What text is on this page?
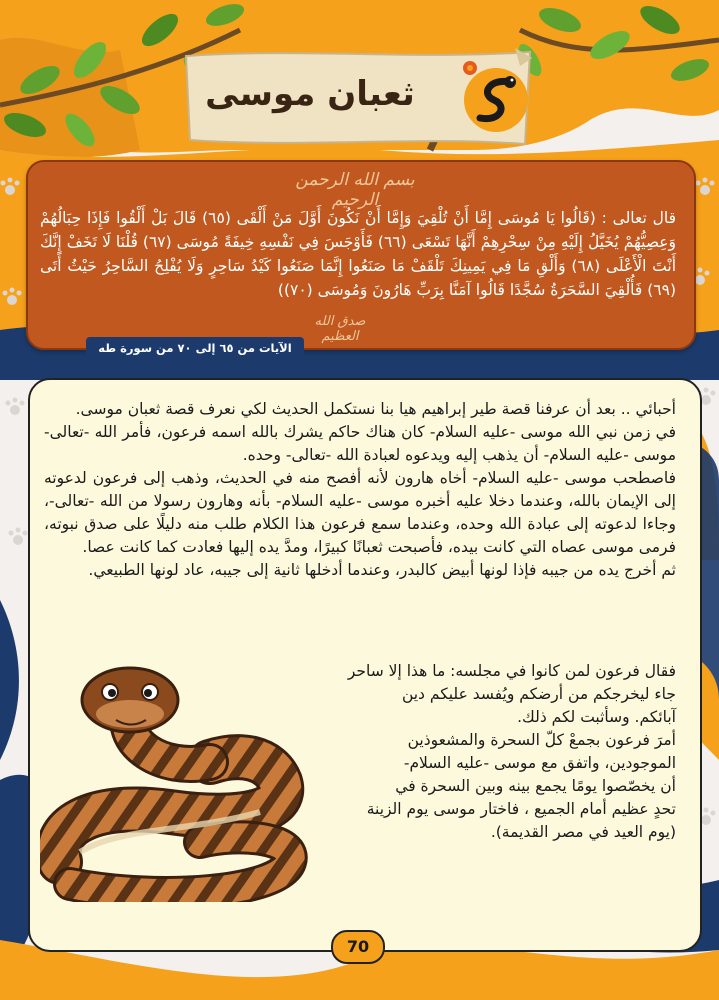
ثعبان موسى
بسم الله الرحمن الرحيم
قال تعالى : (قَالُوا يَا مُوسَى إِمَّا أَنْ تُلْقِيَ وَإِمَّا أَنْ نَكُونَ أَوَّلَ مَنْ أَلْقَى (٦٥) قَالَ بَلْ أَلْقُوا فَإِذَا حِبَالُهُمْ وَعِصِيُّهُمْ يُخَيَّلُ إِلَيْهِ مِنْ سِحْرِهِمْ أَنَّهَا تَسْعَى (٦٦) فَأَوْجَسَ فِي نَفْسِهِ خِيفَةً مُوسَى (٦٧) قُلْنَا لَا تَخَفْ إِنَّكَ أَنْتَ الْأَعْلَى (٦٨) وَأَلْقِ مَا فِي يَمِينِكَ تَلْقَفْ مَا صَنَعُوا إِنَّمَا صَنَعُوا كَيْدُ سَاحِرٍ وَلَا يُفْلِحُ السَّاحِرُ حَيْثُ أَتَى (٦٩) فَأُلْقِيَ السَّحَرَةُ سُجَّدًا قَالُوا آمَنَّا بِرَبِّ هَارُونَ وَمُوسَى (٧٠))
صدق الله العظيم
الآيات من ٦٥ إلى ٧٠ من سورة طه

أحبائي .. بعد أن عرفنا قصة طير إبراهيم هيا بنا نستكمل الحديث لكي نعرف قصة ثعبان موسى.

في زمن نبي الله موسى -عليه السلام- كان هناك حاكم يشرك بالله اسمه فرعون، فأمر الله -تعالى- موسى -عليه السلام- أن يذهب إليه ويدعوه لعبادة الله -تعالى- وحده.

فاصطحب موسى -عليه السلام- أخاه هارون لأنه أفصح منه في الحديث، وذهب إلى فرعون لدعوته إلى الإيمان بالله، وعندما دخلا عليه أخبره موسى -عليه السلام- بأنه وهارون رسولا من الله -تعالى-، وجاءا لدعوته إلى عبادة الله وحده، وعندما سمع فرعون هذا الكلام طلب منه دليلًا على صدق نبوته، فرمى موسى عصاه التي كانت بيده، فأصبحت ثعبانًا كبيرًا، ومدَّ يده إليها فعادت كما كانت عصا.

ثم أخرج يده من جيبه فإذا لونها أبيض كالبدر، وعندما أدخلها ثانية إلى جيبه، عاد لونها الطبيعي.

فقال فرعون لمن كانوا في مجلسه: ما هذا إلا ساحر

جاء ليخرجكم من أرضكم ويُفسد عليكم دين

آبائكم. وسأثبت لكم ذلك.

أمرَ فرعون بجمعْ كلّ السحرة والمشعوذين

الموجودين، واتفق مع موسى -عليه السلام-

أن يخصّصوا يومًا يجمع بينه وبين السحرة في

تحدٍ عظيم أمام الجميع ، فاختار موسى يوم الزينة

(يوم العيد في مصر القديمة).

70
